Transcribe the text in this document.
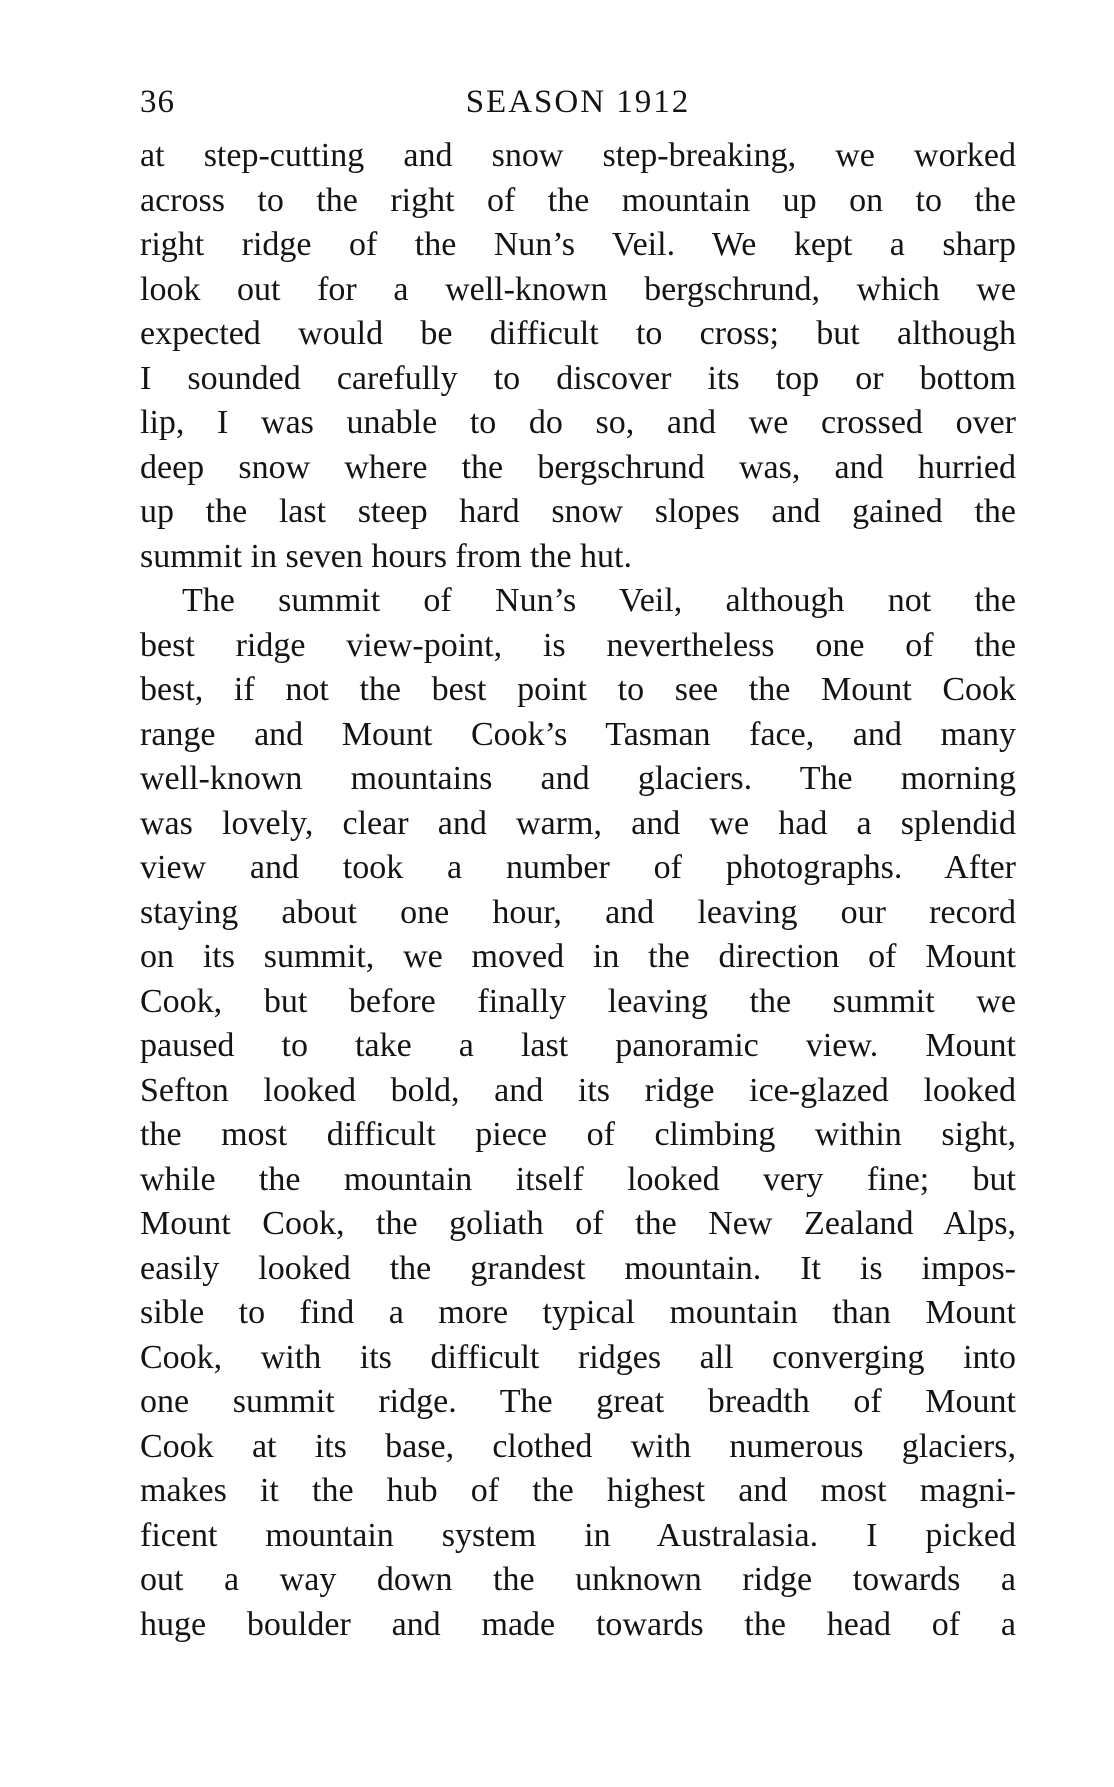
36	SEASON 1912
at step-cutting and snow step-breaking, we worked
across to the right of the mountain up on to the
right ridge of the Nun’s Veil. We kept a sharp
look out for a well-known bergschrund, which we
expected would be difficult to cross; but although
I sounded carefully to discover its top or bottom
lip, I was unable to do so, and we crossed over
deep snow where the bergschrund was, and hurried
up the last steep hard snow slopes and gained the
summit in seven hours from the hut.
The summit of Nun’s Veil, although not the
best ridge view-point, is nevertheless one of the
best, if not the best point to see the Mount Cook
range and Mount Cook’s Tasman face, and many
well-known mountains and glaciers. The morning
was lovely, clear and warm, and we had a splendid
view and took a number of photographs. After
staying about one hour, and leaving our record
on its summit, we moved in the direction of Mount
Cook, but before finally leaving the summit we
paused to take a last panoramic view. Mount
Sefton looked bold, and its ridge ice-glazed looked
the most difficult piece of climbing within sight,
while the mountain itself looked very fine; but
Mount Cook, the goliath of the New Zealand Alps,
easily looked the grandest mountain. It is impos-
sible to find a more typical mountain than Mount
Cook, with its difficult ridges all converging into
one summit ridge. The great breadth of Mount
Cook at its base, clothed with numerous glaciers,
makes it the hub of the highest and most magni-
ficent mountain system in Australasia. I picked
out a way down the unknown ridge towards a
huge boulder and made towards the head of a
